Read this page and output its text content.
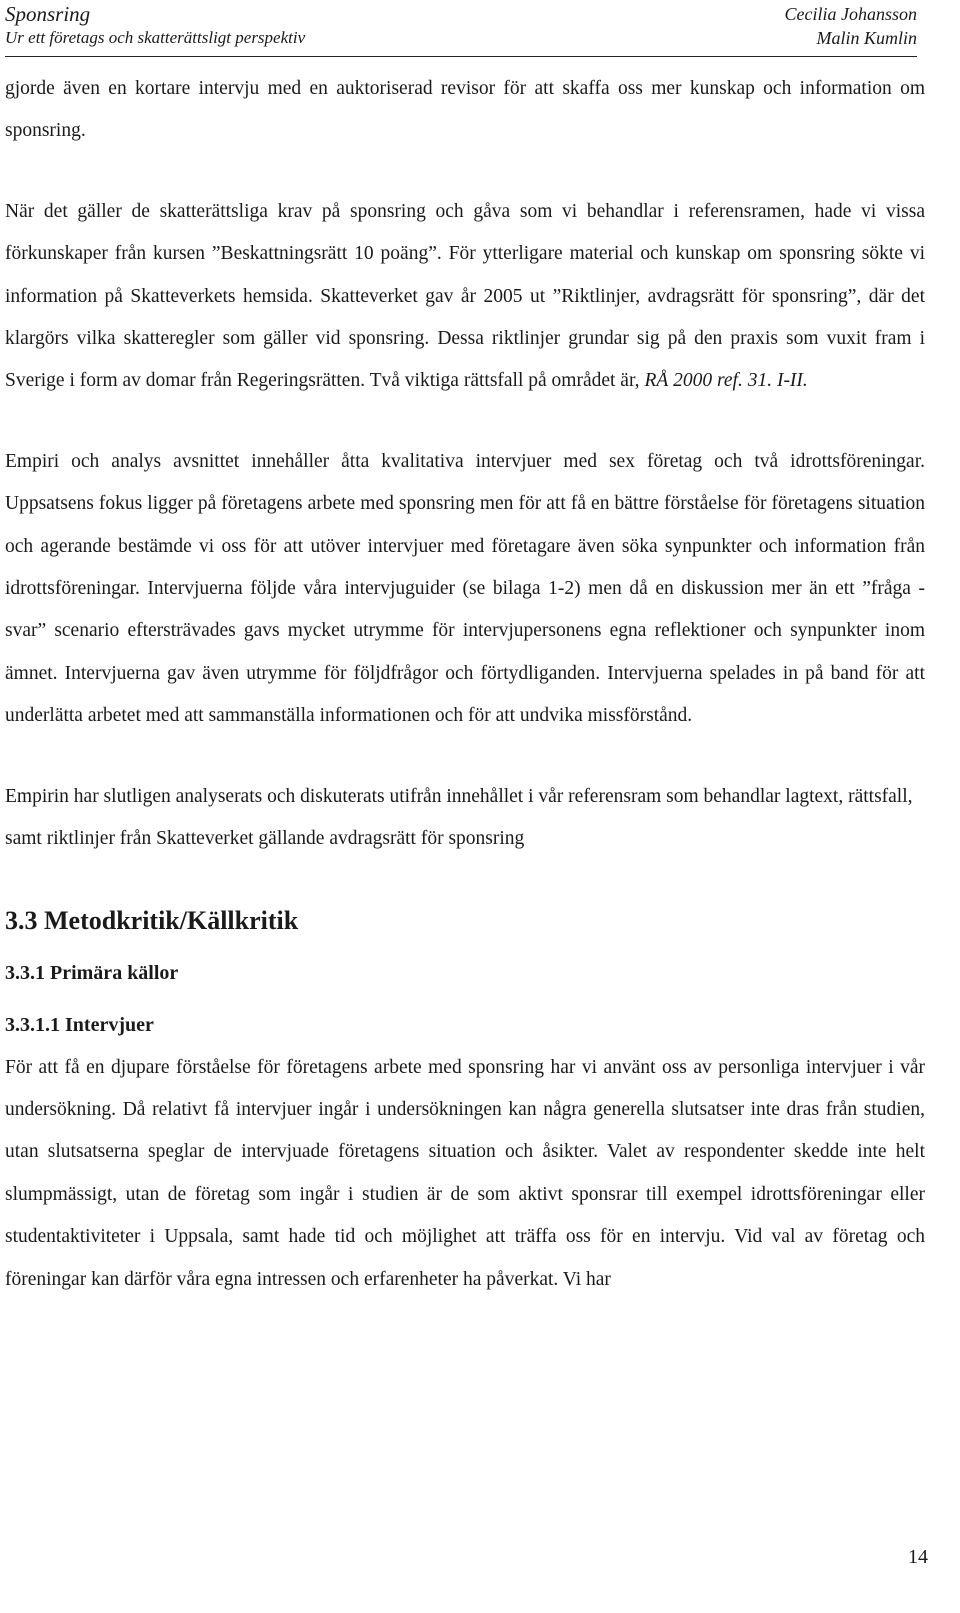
Sponsring
Ur ett företags och skatterättsligt perspektiv
Cecilia Johansson
Malin Kumlin

gjorde även en kortare intervju med en auktoriserad revisor för att skaffa oss mer kunskap och information om sponsring.

När det gäller de skatterättsliga krav på sponsring och gåva som vi behandlar i referensramen, hade vi vissa förkunskaper från kursen ”Beskattningsrätt 10 poäng”. För ytterligare material och kunskap om sponsring sökte vi information på Skatteverkets hemsida. Skatteverket gav år 2005 ut ”Riktlinjer, avdragsrätt för sponsring”, där det klargörs vilka skatteregler som gäller vid sponsring. Dessa riktlinjer grundar sig på den praxis som vuxit fram i Sverige i form av domar från Regeringsrätten. Två viktiga rättsfall på området är, RÅ 2000 ref. 31. I-II.

Empiri och analys avsnittet innehåller åtta kvalitativa intervjuer med sex företag och två idrottsföreningar. Uppsatsens fokus ligger på företagens arbete med sponsring men för att få en bättre förståelse för företagens situation och agerande bestämde vi oss för att utöver intervjuer med företagare även söka synpunkter och information från idrottsföreningar. Intervjuerna följde våra intervjuguider (se bilaga 1-2) men då en diskussion mer än ett ”fråga - svar” scenario eftersträvades gavs mycket utrymme för intervjupersonens egna reflektioner och synpunkter inom ämnet. Intervjuerna gav även utrymme för följdfrågor och förtydliganden. Intervjuerna spelades in på band för att underlätta arbetet med att sammanställa informationen och för att undvika missförstånd.

Empirin har slutligen analyserats och diskuterats utifrån innehållet i vår referensram som behandlar lagtext, rättsfall, samt riktlinjer från Skatteverket gällande avdragsrätt för sponsring

3.3 Metodkritik/Källkritik
3.3.1 Primära källor
3.3.1.1 Intervjuer

För att få en djupare förståelse för företagens arbete med sponsring har vi använt oss av personliga intervjuer i vår undersökning. Då relativt få intervjuer ingår i undersökningen kan några generella slutsatser inte dras från studien, utan slutsatserna speglar de intervjuade företagens situation och åsikter. Valet av respondenter skedde inte helt slumpmässigt, utan de företag som ingår i studien är de som aktivt sponsrar till exempel idrottsföreningar eller studentaktiviteter i Uppsala, samt hade tid och möjlighet att träffa oss för en intervju. Vid val av företag och föreningar kan därför våra egna intressen och erfarenheter ha påverkat. Vi har

14
